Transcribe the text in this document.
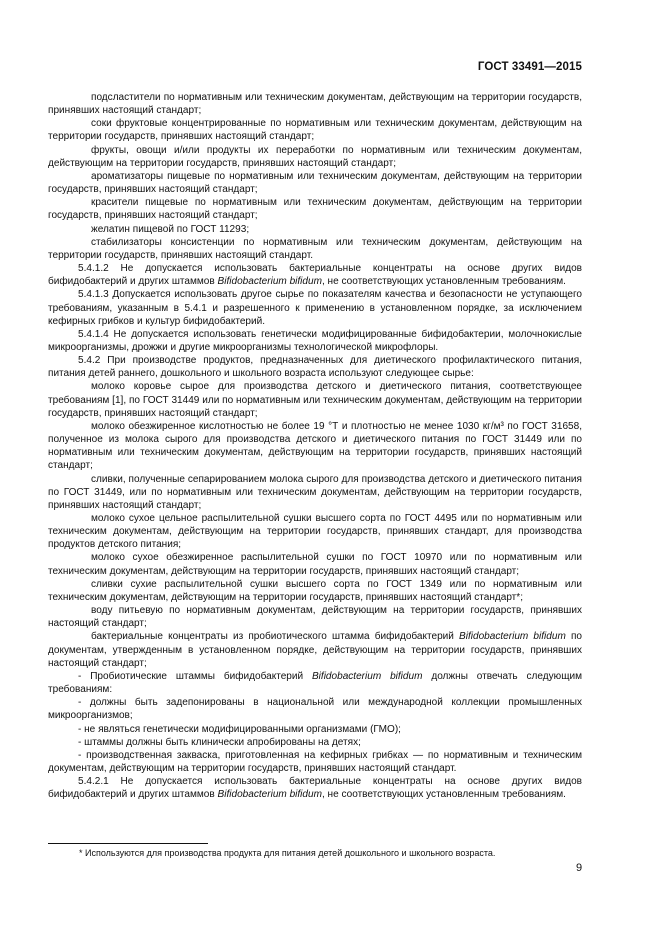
ГОСТ 33491—2015

подсластители по нормативным или техническим документам, действующим на территории государств, принявших настоящий стандарт;

соки фруктовые концентрированные по нормативным или техническим документам, действующим на территории государств, принявших настоящий стандарт;

фрукты, овощи и/или продукты их переработки по нормативным или техническим документам, действующим на территории государств, принявших настоящий стандарт;

ароматизаторы пищевые по нормативным или техническим документам, действующим на территории государств, принявших настоящий стандарт;

красители пищевые по нормативным или техническим документам, действующим на территории государств, принявших настоящий стандарт;

желатин пищевой по ГОСТ 11293;

стабилизаторы консистенции по нормативным или техническим документам, действующим на территории государств, принявших настоящий стандарт.

5.4.1.2 Не допускается использовать бактериальные концентраты на основе других видов бифидобактерий и других штаммов Bifidobacterium bifidum, не соответствующих установленным требованиям.

5.4.1.3 Допускается использовать другое сырье по показателям качества и безопасности не уступающего требованиям, указанным в 5.4.1 и разрешенного к применению в установленном порядке, за исключением кефирных грибков и культур бифидобактерий.

5.4.1.4 Не допускается использовать генетически модифицированные бифидобактерии, молочнокислые микроорганизмы, дрожжи и другие микроорганизмы технологической микрофлоры.

5.4.2 При производстве продуктов, предназначенных для диетического профилактического питания, питания детей раннего, дошкольного и школьного возраста используют следующее сырье:

молоко коровье сырое для производства детского и диетического питания, соответствующее требованиям [1], по ГОСТ 31449 или по нормативным или техническим документам, действующим на территории государств, принявших настоящий стандарт;

молоко обезжиренное кислотностью не более 19 °Т и плотностью не менее 1030 кг/м³ по ГОСТ 31658, полученное из молока сырого для производства детского и диетического питания по ГОСТ 31449 или по нормативным или техническим документам, действующим на территории государств, принявших настоящий стандарт;

сливки, полученные сепарированием молока сырого для производства детского и диетического питания по ГОСТ 31449, или по нормативным или техническим документам, действующим на территории государств, принявших настоящий стандарт;

молоко сухое цельное распылительной сушки высшего сорта по ГОСТ 4495 или по нормативным или техническим документам, действующим на территории государств, принявших стандарт, для производства продуктов детского питания;

молоко сухое обезжиренное распылительной сушки по ГОСТ 10970 или по нормативным или техническим документам, действующим на территории государств, принявших настоящий стандарт;

сливки сухие распылительной сушки высшего сорта по ГОСТ 1349 или по нормативным или техническим документам, действующим на территории государств, принявших настоящий стандарт*;

воду питьевую по нормативным документам, действующим на территории государств, принявших настоящий стандарт;

бактериальные концентраты из пробиотического штамма бифидобактерий Bifidobacterium bifidum по документам, утвержденным в установленном порядке, действующим на территории государств, принявших настоящий стандарт;

- Пробиотические штаммы бифидобактерий Bifidobacterium bifidum должны отвечать следующим требованиям:

- должны быть задепонированы в национальной или международной коллекции промышленных микроорганизмов;

- не являться генетически модифицированными организмами (ГМО);

- штаммы должны быть клинически апробированы на детях;

- производственная закваска, приготовленная на кефирных грибках — по нормативным и техническим документам, действующим на территории государств, принявших настоящий стандарт.

5.4.2.1 Не допускается использовать бактериальные концентраты на основе других видов бифидобактерий и других штаммов Bifidobacterium bifidum, не соответствующих установленным требованиям.

* Используются для производства продукта для питания детей дошкольного и школьного возраста.
9
